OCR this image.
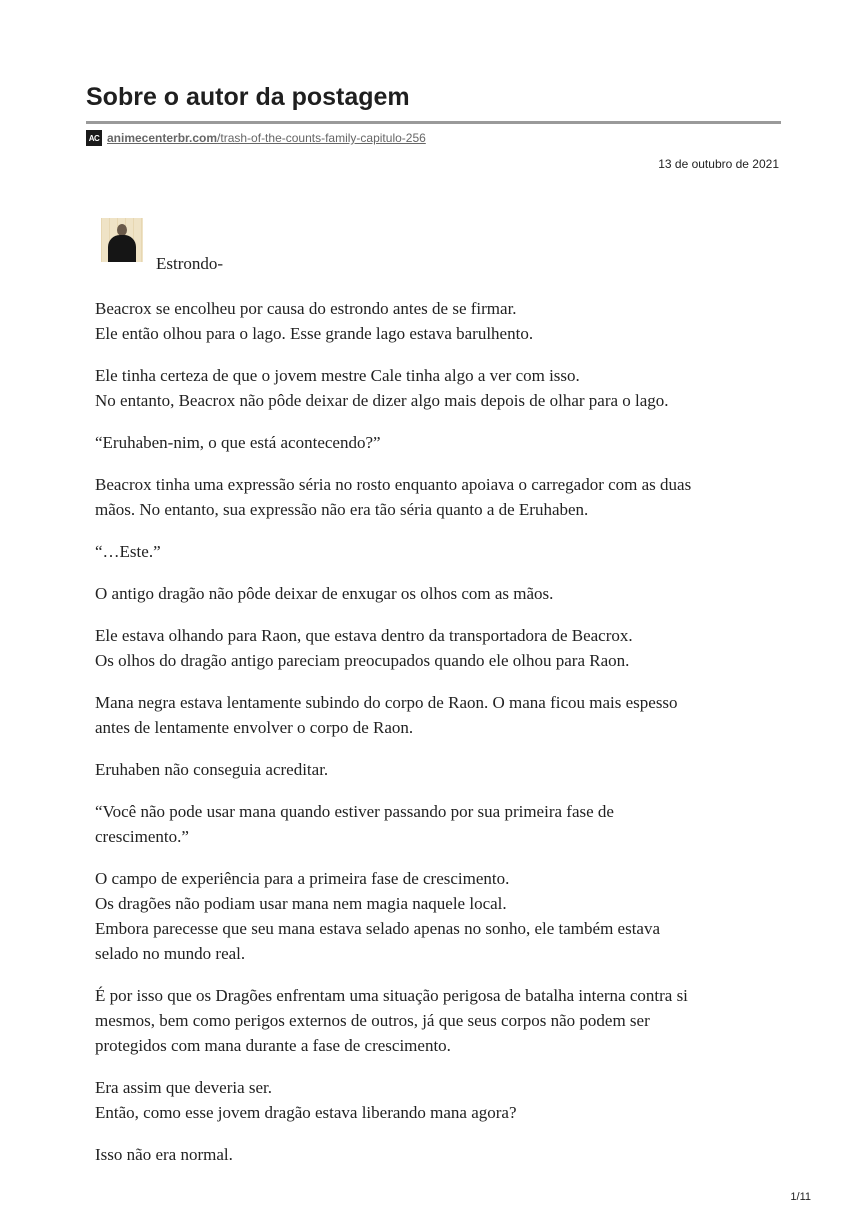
Sobre o autor da postagem
AC animecenterbr.com /trash-of-the-counts-family-capitulo-256
13 de outubro de 2021
Estrondo-

Beacrox se encolheu por causa do estrondo antes de se firmar.
Ele então olhou para o lago. Esse grande lago estava barulhento.

Ele tinha certeza de que o jovem mestre Cale tinha algo a ver com isso.
No entanto, Beacrox não pôde deixar de dizer algo mais depois de olhar para o lago.

“Eruhaben-nim, o que está acontecendo?”

Beacrox tinha uma expressão séria no rosto enquanto apoiava o carregador com as duas
mãos. No entanto, sua expressão não era tão séria quanto a de Eruhaben.

“…Este.”

O antigo dragão não pôde deixar de enxugar os olhos com as mãos.

Ele estava olhando para Raon, que estava dentro da transportadora de Beacrox.
Os olhos do dragão antigo pareciam preocupados quando ele olhou para Raon.

Mana negra estava lentamente subindo do corpo de Raon. O mana ficou mais espesso
antes de lentamente envolver o corpo de Raon.

Eruhaben não conseguia acreditar.

“Você não pode usar mana quando estiver passando por sua primeira fase de
crescimento.”

O campo de experiência para a primeira fase de crescimento.
Os dragões não podiam usar mana nem magia naquele local.
Embora parecesse que seu mana estava selado apenas no sonho, ele também estava
selado no mundo real.

É por isso que os Dragões enfrentam uma situação perigosa de batalha interna contra si
mesmos, bem como perigos externos de outros, já que seus corpos não podem ser
protegidos com mana durante a fase de crescimento.

Era assim que deveria ser.
Então, como esse jovem dragão estava liberando mana agora?

Isso não era normal.

1/11
